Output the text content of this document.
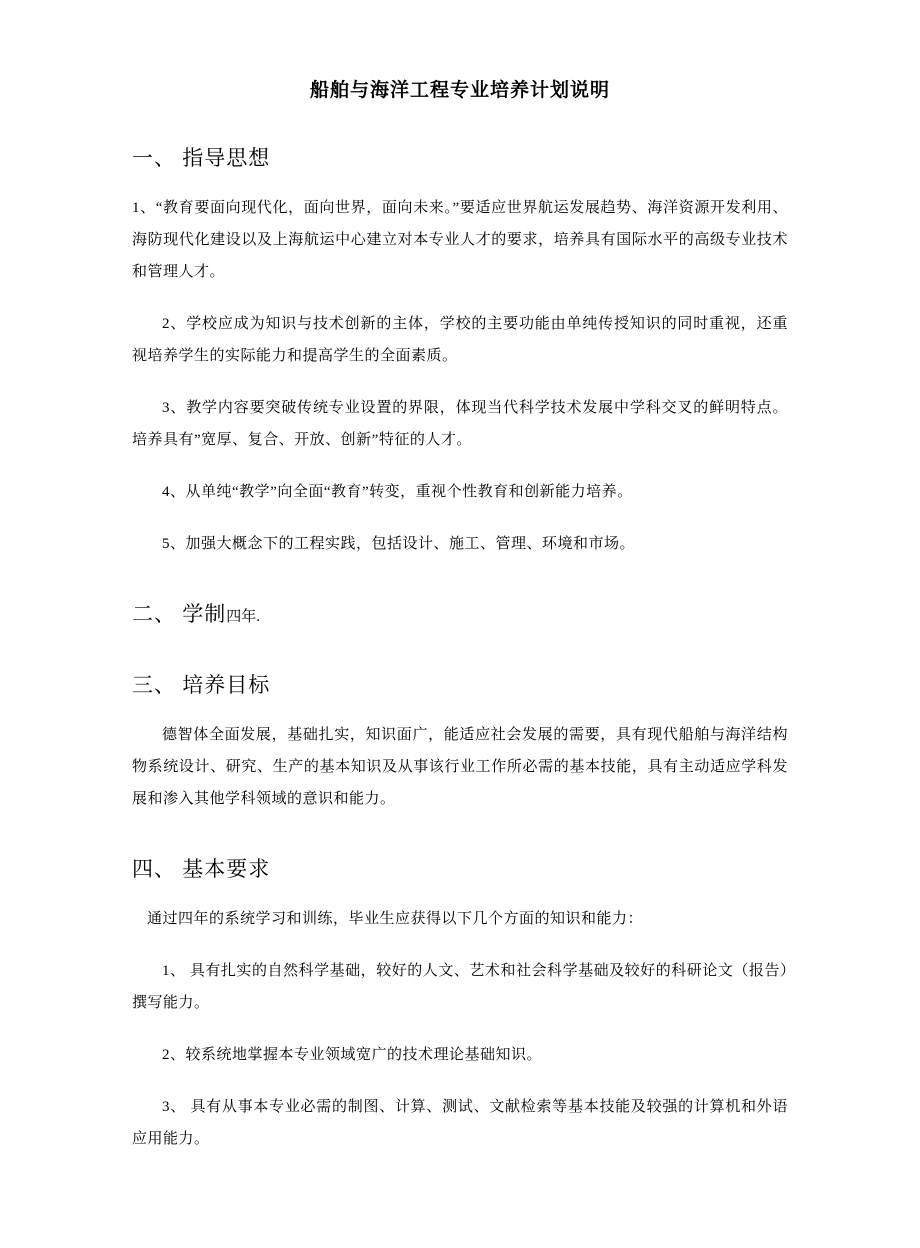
船舶与海洋工程专业培养计划说明
一、 指导思想

1、“教育要面向现代化，面向世界，面向未来。”要适应世界航运发展趋势、海洋资源开发利用、海防现代化建设以及上海航运中心建立对本专业人才的要求，培养具有国际水平的高级专业技术和管理人才。

2、学校应成为知识与技术创新的主体，学校的主要功能由单纯传授知识的同时重视，还重视培养学生的实际能力和提高学生的全面素质。

3、教学内容要突破传统专业设置的界限，体现当代科学技术发展中学科交叉的鲜明特点。培养具有”宽厚、复合、开放、创新”特征的人才。

4、从单纯“教学”向全面“教育”转变，重视个性教育和创新能力培养。

5、加强大概念下的工程实践，包括设计、施工、管理、环境和市场。

二、 学制四年.
三、 培养目标

德智体全面发展，基础扎实，知识面广，能适应社会发展的需要，具有现代船舶与海洋结构物系统设计、研究、生产的基本知识及从事该行业工作所必需的基本技能，具有主动适应学科发展和渗入其他学科领域的意识和能力。

四、 基本要求

通过四年的系统学习和训练，毕业生应获得以下几个方面的知识和能力：

1、 具有扎实的自然科学基础，较好的人文、艺术和社会科学基础及较好的科研论文（报告）撰写能力。

2、较系统地掌握本专业领域宽广的技术理论基础知识。

3、 具有从事本专业必需的制图、计算、测试、文献检索等基本技能及较强的计算机和外语应用能力。
